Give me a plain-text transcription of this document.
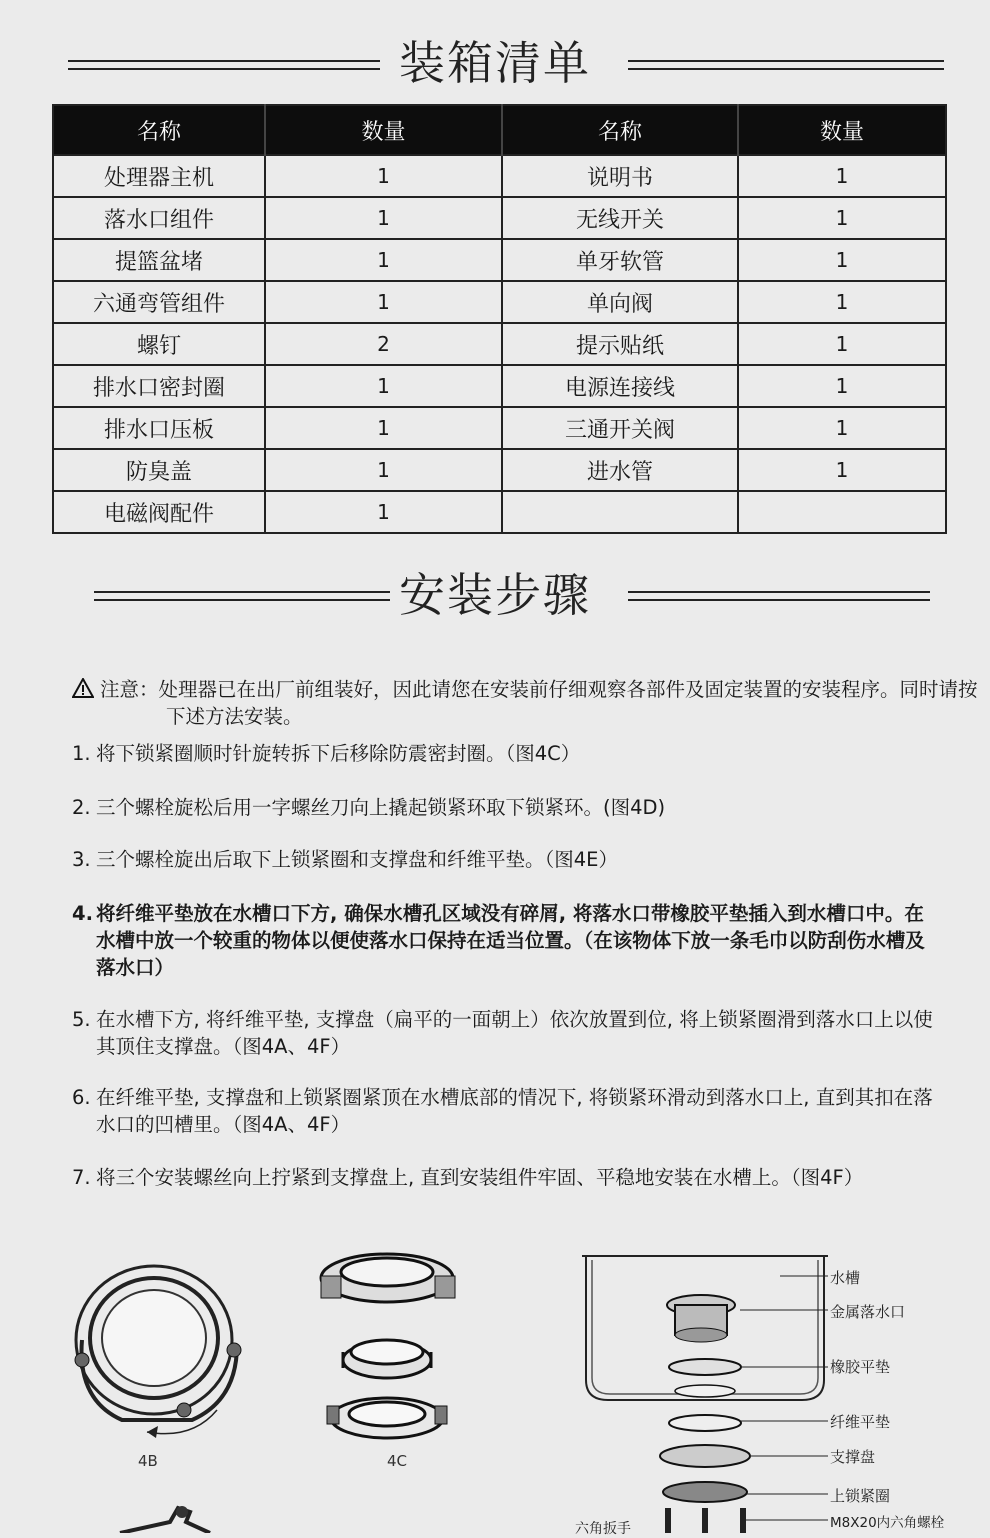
装箱清单
名称	数量	名称	数量
处理器主机	1	说明书	1
落水口组件	1	无线开关	1
提篮盆堵	1	单牙软管	1
六通弯管组件	1	单向阀	1
螺钉	2	提示贴纸	1
排水口密封圈	1	电源连接线	1
排水口压板	1	三通开关阀	1
防臭盖	1	进水管	1
电磁阀配件	1		
安装步骤
注意：处理器已在出厂前组装好，因此请您在安装前仔细观察各部件及固定装置的安装程序。同时请按下述方法安装。
1. 将下锁紧圈顺时针旋转拆下后移除防震密封圈。（图4C）
2. 三个螺栓旋松后用一字螺丝刀向上撬起锁紧环取下锁紧环。(图4D)
3. 三个螺栓旋出后取下上锁紧圈和支撑盘和纤维平垫。（图4E）
4. 将纤维平垫放在水槽口下方, 确保水槽孔区域没有碎屑, 将落水口带橡胶平垫插入到水槽口中。在水槽中放一个较重的物体以便使落水口保持在适当位置。（在该物体下放一条毛巾以防刮伤水槽及落水口）
5. 在水槽下方, 将纤维平垫, 支撑盘（扁平的一面朝上）依次放置到位, 将上锁紧圈滑到落水口上以使其顶住支撑盘。（图4A、4F）
6. 在纤维平垫, 支撑盘和上锁紧圈紧顶在水槽底部的情况下, 将锁紧环滑动到落水口上, 直到其扣在落水口的凹槽里。（图4A、4F）
7. 将三个安装螺丝向上拧紧到支撑盘上, 直到安装组件牢固、平稳地安装在水槽上。（图4F）
4B	4C
水槽
金属落水口
橡胶平垫
纤维平垫
支撑盘
上锁紧圈
M8X20内六角螺栓
六角扳手
